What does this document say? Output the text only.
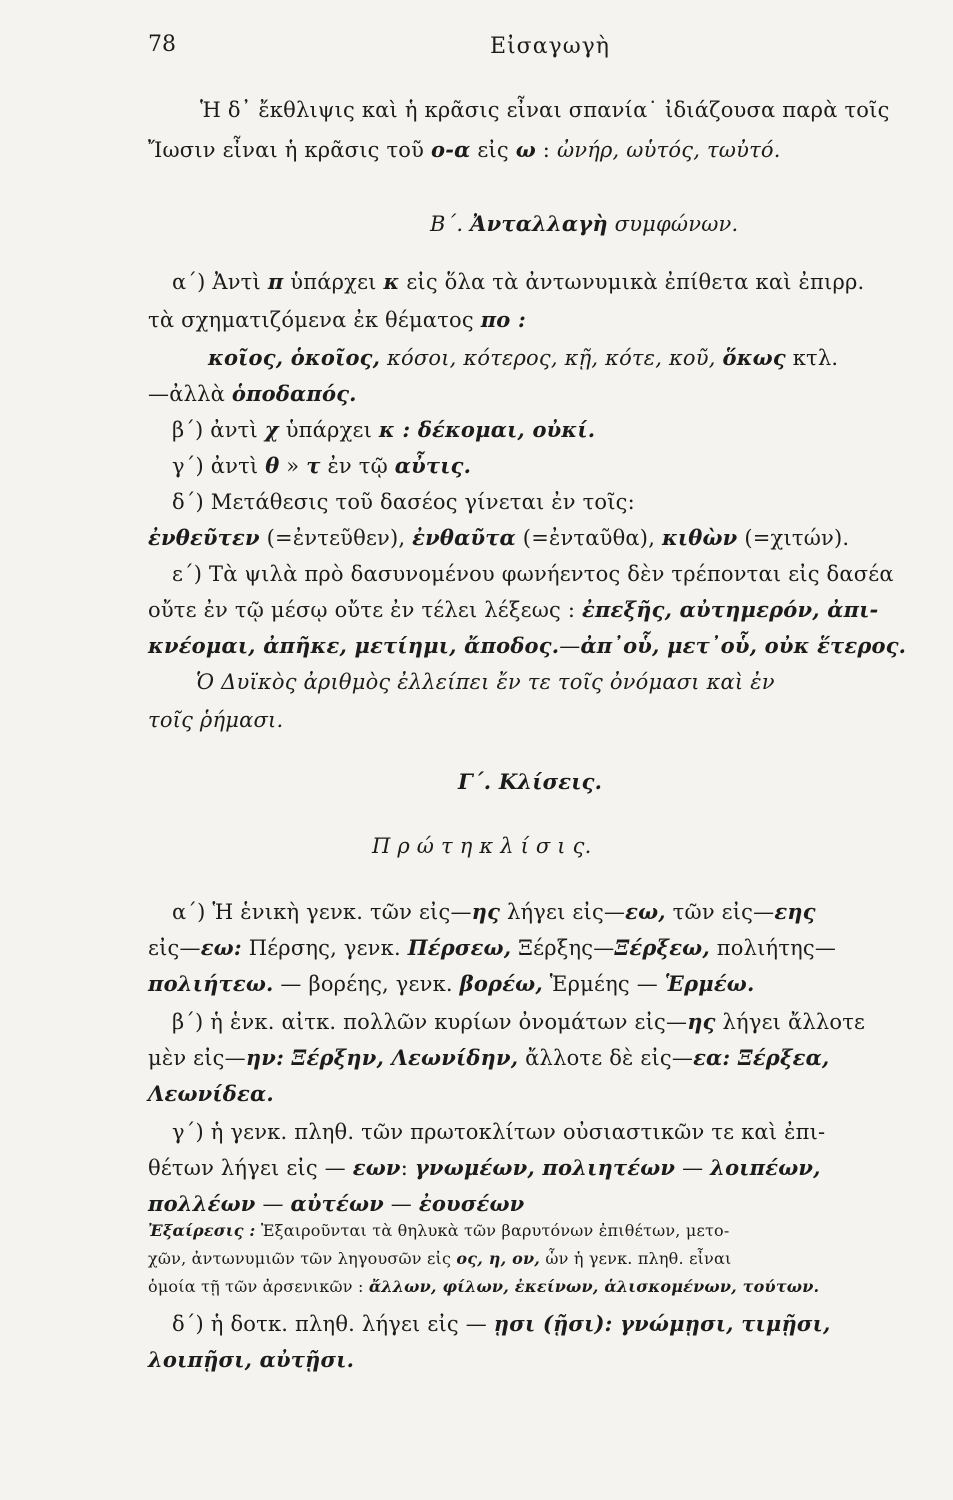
78	Εἰσαγωγὴ
Ἡ δ᾽ ἔκθλιψις καὶ ἡ κρᾶσις εἶναι σπανία˙ ἰδιάζουσα παρὰ τοῖς
Ἴωσιν εἶναι ἡ κρᾶσις τοῦ ο-α εἰς ω : ὠνήρ, ωὑτός, τωὐτό.
Β΄. Ἀνταλλαγὴ συμφώνων.
α΄) Ἀντὶ π ὑπάρχει κ εἰς ὅλα τὰ ἀντωνυμικὰ ἐπίθετα καὶ ἐπιρρ.
τὰ σχηματιζόμενα ἐκ θέματος πο :
κοῖος, ὁκοῖος, κόσοι, κότερος, κῇ, κότε, κοῦ, ὅκως κτλ.
—ἀλλὰ ὁποδαπός.
β΄) ἀντὶ χ ὑπάρχει κ : δέκομαι, οὐκί.
γ΄) ἀντὶ θ » τ ἐν τῷ αὖτις.
δ΄) Μετάθεσις τοῦ δασέος γίνεται ἐν τοῖς:
ἐνθεῦτεν (=ἐντεῦθεν), ἐνθαῦτα (=ἐνταῦθα), κιθὼν (=χιτών).
ε΄) Τὰ ψιλὰ πρὸ δασυνομένου φωνήεντος δὲν τρέπονται εἰς δασέα
οὔτε ἐν τῷ μέσῳ οὔτε ἐν τέλει λέξεως : ἐπεξῆς, αὐτημερόν, ἀπι-
κνέομαι, ἀπῆκε, μετίημι, ἄποδος.—ἀπ᾽οὗ, μετ᾽οὗ, οὐκ ἕτερος.
Ὁ Δυϊκὸς ἀριθμὸς ἐλλείπει ἔν τε τοῖς ὀνόμασι καὶ ἐν
τοῖς ῥήμασι.
Γ΄. Κλίσεις.
Π ρ ώ τ η κ λ ί σ ι ς.
α΄) Ἡ ἑνικὴ γενκ. τῶν εἰς—ης λήγει εἰς—εω, τῶν εἰς—εης
εἰς—εω: Πέρσης, γενκ. Πέρσεω, Ξέρξης—Ξέρξεω, πολιήτης—
πολιήτεω. — βορέης, γενκ. βορέω, Ἑρμέης — Ἑρμέω.
β΄) ἡ ἑνκ. αἰτκ. πολλῶν κυρίων ὀνομάτων εἰς—ης λήγει ἄλλοτε
μὲν εἰς—ην: Ξέρξην, Λεωνίδην, ἄλλοτε δὲ εἰς—εα: Ξέρξεα,
Λεωνίδεα.
γ΄) ἡ γενκ. πληθ. τῶν πρωτοκλίτων οὐσιαστικῶν τε καὶ ἐπι-
θέτων λήγει εἰς — εων: γνωμέων, πολιητέων — λοιπέων,
πολλέων — αὐτέων — ἐουσέων
Ἐξαίρεσις : Ἐξαιροῦνται τὰ θηλυκὰ τῶν βαρυτόνων ἐπιθέτων, μετο-
χῶν, ἀντωνυμιῶν τῶν ληγουσῶν εἰς ος, η, ον, ὧν ἡ γενκ. πληθ. εἶναι
ὁμοία τῇ τῶν ἀρσενικῶν : ἄλλων, φίλων, ἐκείνων, ἁλισκομένων, τούτων.
δ΄) ἡ δοτκ. πληθ. λήγει εἰς — ῃσι (ῇσι): γνώμῃσι, τιμῇσι,
λοιπῇσι, αὐτῇσι.
